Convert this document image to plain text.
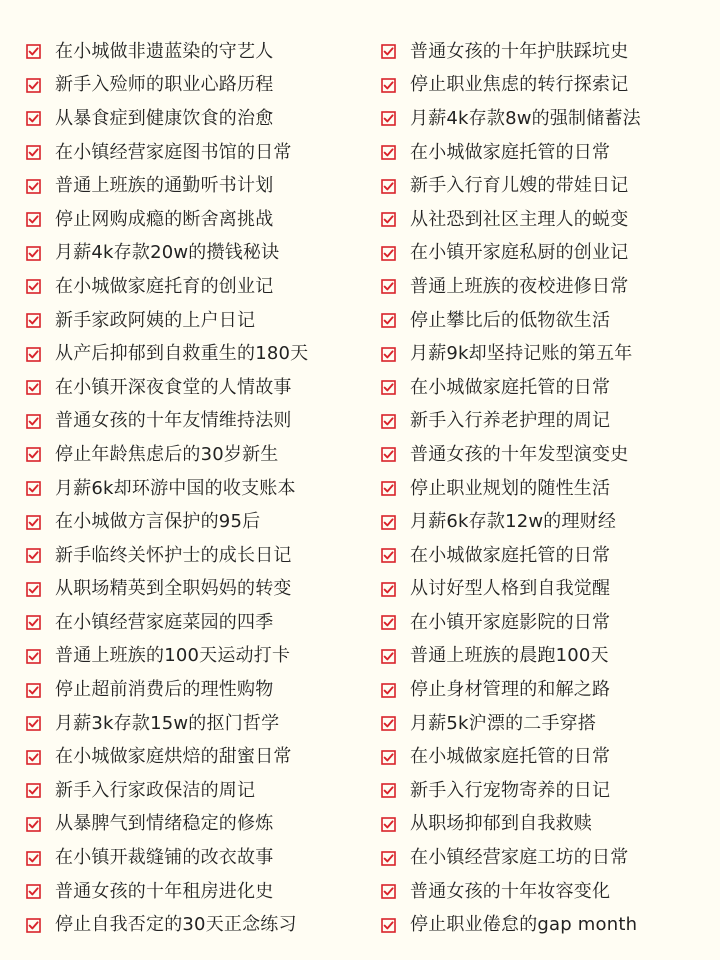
在小城做非遗蓝染的守艺人
新手入殓师的职业心路历程
从暴食症到健康饮食的治愈
在小镇经营家庭图书馆的日常
普通上班族的通勤听书计划
停止网购成瘾的断舍离挑战
月薪4k存款20w的攒钱秘诀
在小城做家庭托育的创业记
新手家政阿姨的上户日记
从产后抑郁到自救重生的180天
在小镇开深夜食堂的人情故事
普通女孩的十年友情维持法则
停止年龄焦虑后的30岁新生
月薪6k却环游中国的收支账本
在小城做方言保护的95后
新手临终关怀护士的成长日记
从职场精英到全职妈妈的转变
在小镇经营家庭菜园的四季
普通上班族的100天运动打卡
停止超前消费后的理性购物
月薪3k存款15w的抠门哲学
在小城做家庭烘焙的甜蜜日常
新手入行家政保洁的周记
从暴脾气到情绪稳定的修炼
在小镇开裁缝铺的改衣故事
普通女孩的十年租房进化史
停止自我否定的30天正念练习
普通女孩的十年护肤踩坑史
停止职业焦虑的转行探索记
月薪4k存款8w的强制储蓄法
在小城做家庭托管的日常
新手入行育儿嫂的带娃日记
从社恐到社区主理人的蜕变
在小镇开家庭私厨的创业记
普通上班族的夜校进修日常
停止攀比后的低物欲生活
月薪9k却坚持记账的第五年
在小城做家庭托管的日常
新手入行养老护理的周记
普通女孩的十年发型演变史
停止职业规划的随性生活
月薪6k存款12w的理财经
在小城做家庭托管的日常
从讨好型人格到自我觉醒
在小镇开家庭影院的日常
普通上班族的晨跑100天
停止身材管理的和解之路
月薪5k沪漂的二手穿搭
在小城做家庭托管的日常
新手入行宠物寄养的日记
从职场抑郁到自我救赎
在小镇经营家庭工坊的日常
普通女孩的十年妆容变化
停止职业倦怠的gap month
